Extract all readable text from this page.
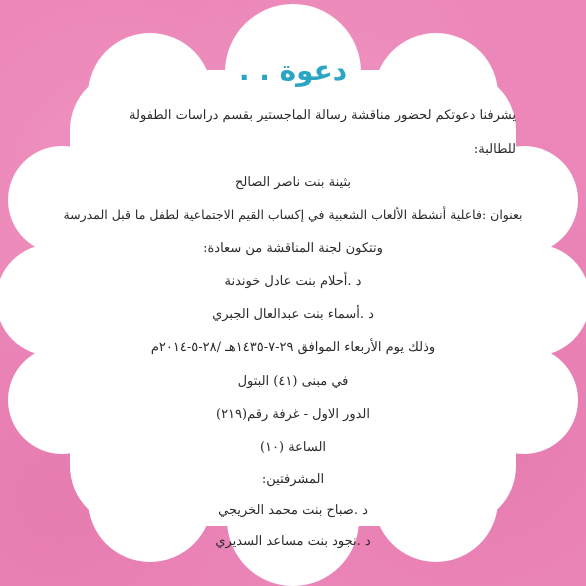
دعوة . .
يشرفنا دعوتكم لحضور مناقشة رسالة الماجستير بقسم دراسات الطفولة
للطالبة:
بثينة بنت ناصر الصالح
بعنوان :فاعلية أنشطة الألعاب الشعبية في إكساب القيم الاجتماعية لطفل ما قبل المدرسة
وتتكون لجنة المناقشة من سعادة:
د .أحلام بنت عادل خوندنة
د .أسماء بنت عبدالعال الجبري
وذلك يوم الأربعاء الموافق ٢٩-٧-١٤٣٥هـ /٢٨-٥-٢٠١٤م
في مبنى (٤١) البتول
الدور الاول - غرفة رقم(٢١٩)
الساعة (١٠)
المشرفتين:
د .صباح بنت محمد الخريجي
د .نجود بنت مساعد السديري
